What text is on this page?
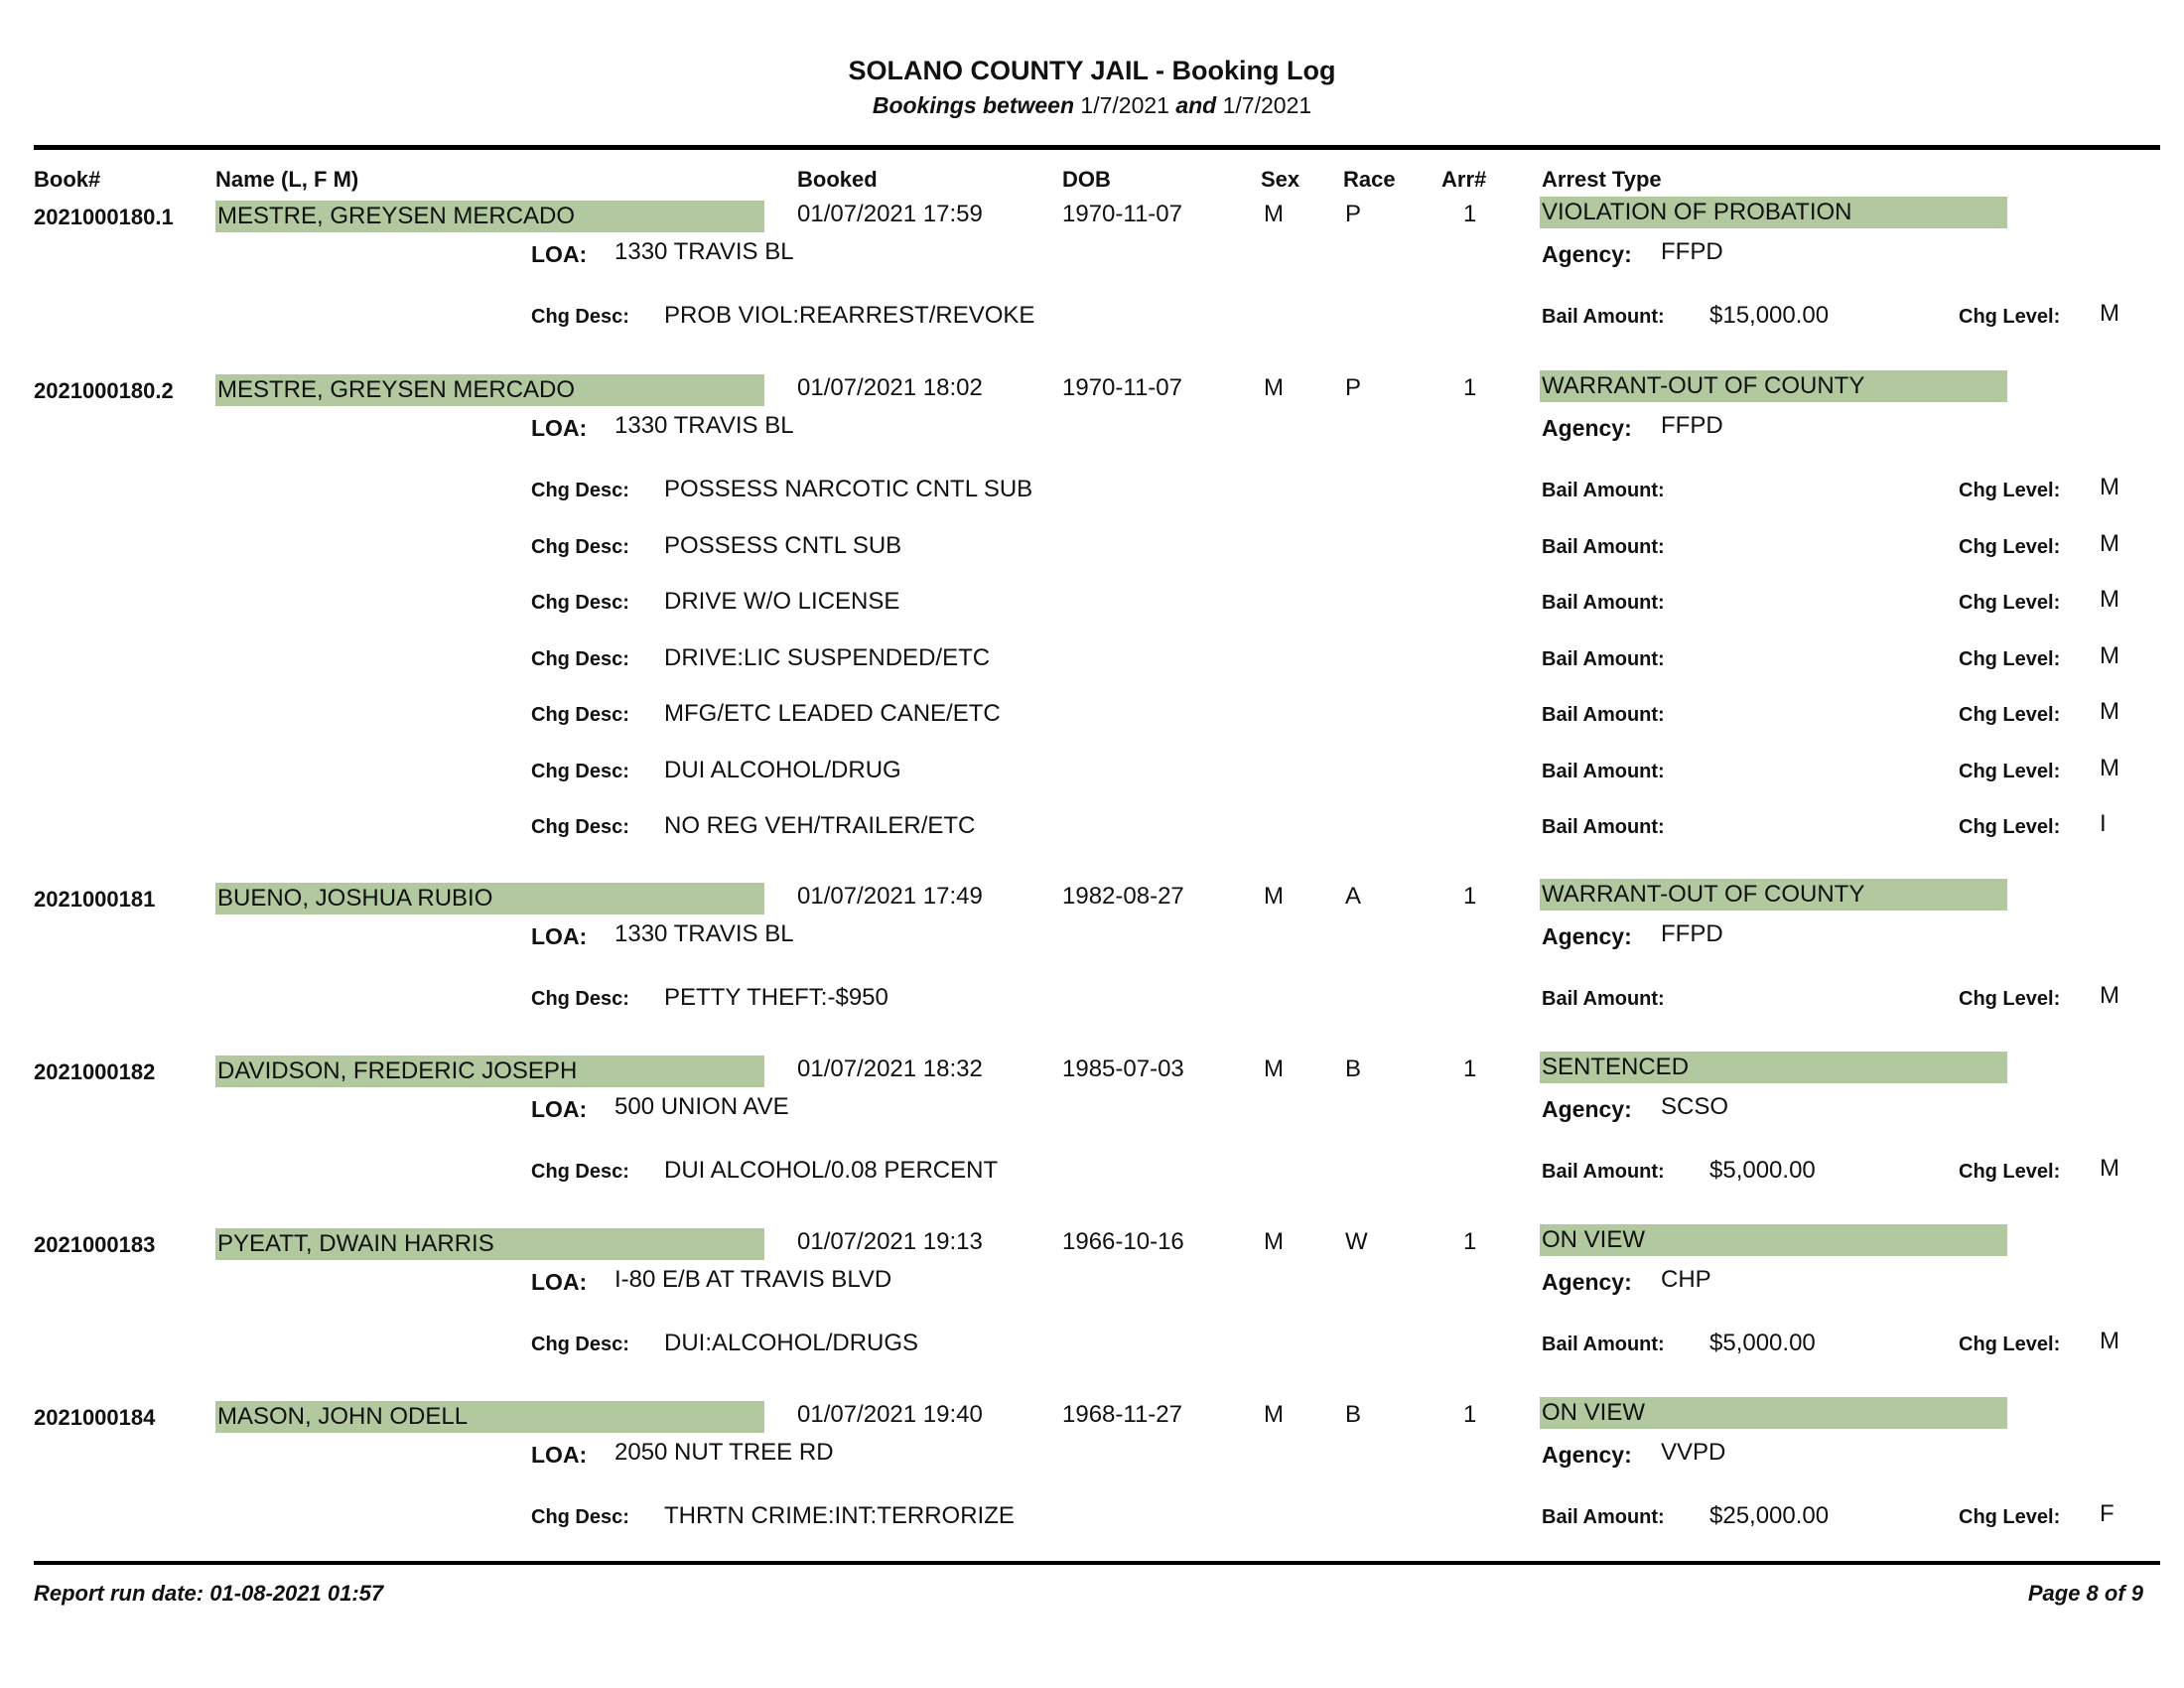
SOLANO COUNTY JAIL - Booking Log
Bookings between 1/7/2021 and 1/7/2021
Book#	Name (L, F M)	Booked	DOB	Sex Race Arr#	Arrest Type
MESTRE, GREYSEN MERCADO	VIOLATION OF PROBATION
2021000180.1	01/07/2021 17:59	1970-11-07	M	P	1
LOA: 1330 TRAVIS BL	Agency: FFPD
Chg Desc: PROB VIOL:REARREST/REVOKE	Bail Amount: $15,000.00	Chg Level: M
MESTRE, GREYSEN MERCADO	WARRANT-OUT OF COUNTY
2021000180.2	01/07/2021 18:02	1970-11-07	M	P	1
LOA: 1330 TRAVIS BL	Agency: FFPD
Chg Desc: POSSESS NARCOTIC CNTL SUB	Bail Amount:	Chg Level: M
Chg Desc: POSSESS CNTL SUB	Bail Amount:	Chg Level: M
Chg Desc: DRIVE W/O LICENSE	Bail Amount:	Chg Level: M
Chg Desc: DRIVE:LIC SUSPENDED/ETC	Bail Amount:	Chg Level: M
Chg Desc: MFG/ETC LEADED CANE/ETC	Bail Amount:	Chg Level: M
Chg Desc: DUI ALCOHOL/DRUG	Bail Amount:	Chg Level: M
Chg Desc: NO REG VEH/TRAILER/ETC	Bail Amount:	Chg Level: I
BUENO, JOSHUA RUBIO	WARRANT-OUT OF COUNTY
2021000181	01/07/2021 17:49	1982-08-27	M	A	1
LOA: 1330 TRAVIS BL	Agency: FFPD
Chg Desc: PETTY THEFT:-$950	Bail Amount:	Chg Level: M
DAVIDSON, FREDERIC JOSEPH	SENTENCED
2021000182	01/07/2021 18:32	1985-07-03	M	B	1
LOA: 500 UNION AVE	Agency: SCSO
Chg Desc: DUI ALCOHOL/0.08 PERCENT	Bail Amount: $5,000.00	Chg Level: M
PYEATT, DWAIN HARRIS	ON VIEW
2021000183	01/07/2021 19:13	1966-10-16	M	W	1
LOA: I-80 E/B AT TRAVIS BLVD	Agency: CHP
Chg Desc: DUI:ALCOHOL/DRUGS	Bail Amount: $5,000.00	Chg Level: M
MASON, JOHN ODELL	ON VIEW
2021000184	01/07/2021 19:40	1968-11-27	M	B	1
LOA: 2050 NUT TREE RD	Agency: VVPD
Chg Desc: THRTN CRIME:INT:TERRORIZE	Bail Amount: $25,000.00	Chg Level: F
Report run date: 01-08-2021 01:57	Page 8 of 9
